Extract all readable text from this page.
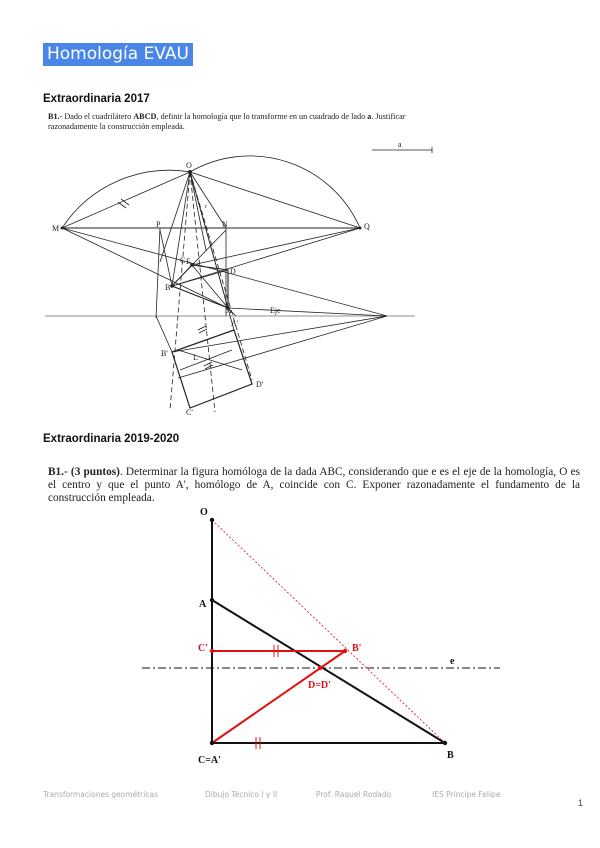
Homología EVAU
Extraordinaria 2017
B1.- Dado el cuadrilátero ABCD, definir la homología que lo transforme en un cuadrado de lado a. Justificar razonadamente la construcción empleada.
O
M	Q
P	N
E
C
D
B
A
A'
B'
C'
D'
L
Eje
a
r
Extraordinaria 2019-2020
B1.- (3 puntos). Determinar la figura homóloga de la dada ABC, considerando que e es el eje de la homología, O es el centro y que el punto A', homólogo de A, coincide con C. Exponer razonadamente el fundamento de la construcción empleada.
O
A
C'	B'
e
D=D'
C=A'	B
Transformaciones geométricas	Dibujo Técnico I y II	Prof. Raquel Rodado	IES Príncipe Felipe
1
